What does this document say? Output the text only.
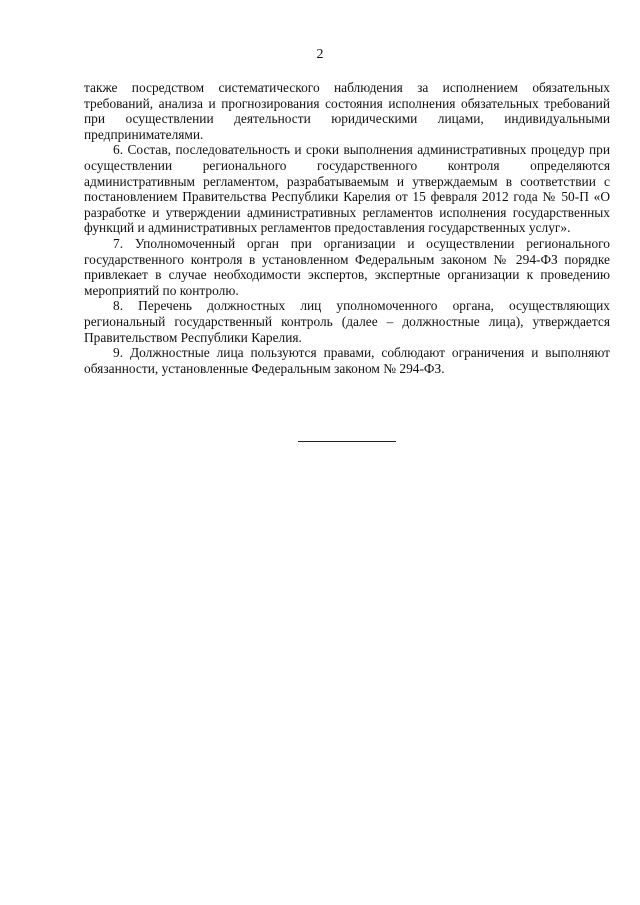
2

также посредством систематического наблюдения за исполнением обязательных требований, анализа и прогнозирования состояния исполнения обязательных требований при осуществлении деятельности юридическими лицами, индивидуальными предпринимателями.

6. Состав, последовательность и сроки выполнения административных процедур при осуществлении регионального государственного контроля определяются административным регламентом, разрабатываемым и утверждаемым в соответствии с постановлением Правительства Республики Карелия от 15 февраля 2012 года № 50-П «О разработке и утверждении административных регламентов исполнения государственных функций и административных регламентов предоставления государственных услуг».

7. Уполномоченный орган при организации и осуществлении регионального государственного контроля в установленном Федеральным законом № 294-ФЗ порядке привлекает в случае необходимости экспертов, экспертные организации к проведению мероприятий по контролю.

8. Перечень должностных лиц уполномоченного органа, осуществляющих региональный государственный контроль (далее – должностные лица), утверждается Правительством Республики Карелия.

9. Должностные лица пользуются правами, соблюдают ограничения и выполняют обязанности, установленные Федеральным законом № 294-ФЗ.
